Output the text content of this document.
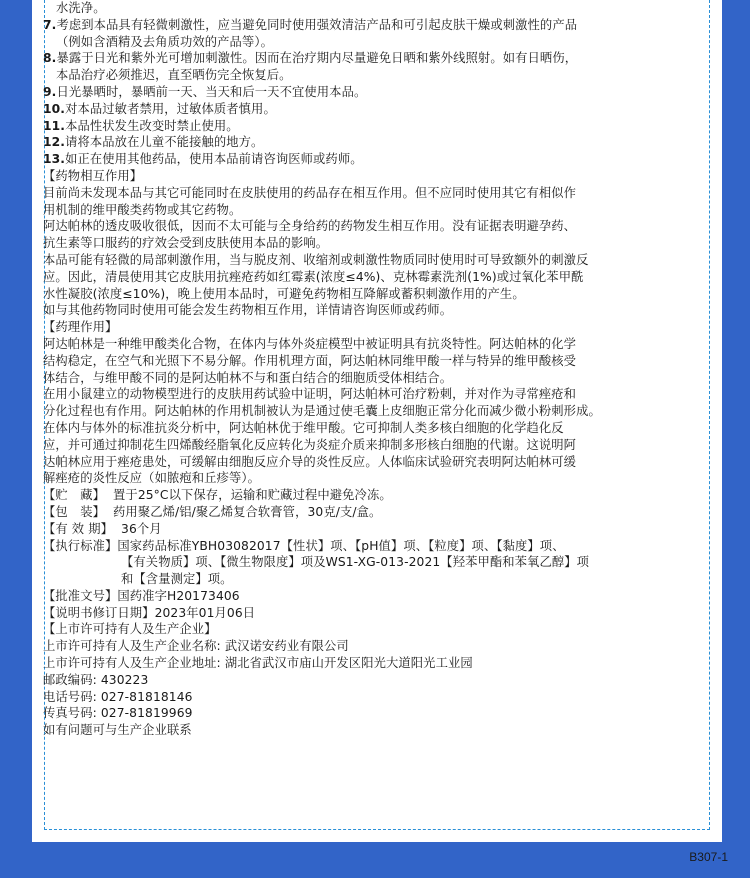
水洗净。
7.考虑到本品具有轻微刺激性，应当避免同时使用强效清洁产品和可引起皮肤干燥或刺激性的产品
（例如含酒精及去角质功效的产品等）。
8.暴露于日光和紫外光可增加刺激性。因而在治疗期内尽量避免日晒和紫外线照射。如有日晒伤，
本品治疗必须推迟，直至晒伤完全恢复后。
9.日光暴晒时，暴晒前一天、当天和后一天不宜使用本品。
10.对本品过敏者禁用，过敏体质者慎用。
11.本品性状发生改变时禁止使用。
12.请将本品放在儿童不能接触的地方。
13.如正在使用其他药品，使用本品前请咨询医师或药师。
【药物相互作用】
目前尚未发现本品与其它可能同时在皮肤使用的药品存在相互作用。但不应同时使用其它有相似作
用机制的维甲酸类药物或其它药物。
阿达帕林的透皮吸收很低，因而不太可能与全身给药的药物发生相互作用。没有证据表明避孕药、
抗生素等口服药的疗效会受到皮肤使用本品的影响。
本品可能有轻微的局部刺激作用，当与脱皮剂、收缩剂或刺激性物质同时使用时可导致额外的刺激反
应。因此，清晨使用其它皮肤用抗痤疮药如红霉素(浓度≤4%)、克林霉素洗剂(1%)或过氧化苯甲酰
水性凝胶(浓度≤10%)，晚上使用本品时，可避免药物相互降解或蓄积刺激作用的产生。
如与其他药物同时使用可能会发生药物相互作用，详情请咨询医师或药师。
【药理作用】
阿达帕林是一种维甲酸类化合物，在体内与体外炎症模型中被证明具有抗炎特性。阿达帕林的化学
结构稳定，在空气和光照下不易分解。作用机理方面，阿达帕林同维甲酸一样与特异的维甲酸核受
体结合，与维甲酸不同的是阿达帕林不与和蛋白结合的细胞质受体相结合。
在用小鼠建立的动物模型进行的皮肤用药试验中证明，阿达帕林可治疗粉刺，并对作为寻常痤疮和
分化过程也有作用。阿达帕林的作用机制被认为是通过使毛囊上皮细胞正常分化而减少微小粉刺形成。
在体内与体外的标准抗炎分析中，阿达帕林优于维甲酸。它可抑制人类多核白细胞的化学趋化反
应，并可通过抑制花生四烯酸经脂氧化反应转化为炎症介质来抑制多形核白细胞的代谢。这说明阿
达帕林应用于痤疮患处，可缓解由细胞反应介导的炎性反应。人体临床试验研究表明阿达帕林可缓
解痤疮的炎性反应（如脓疱和丘疹等）。
【贮　藏】 置于25°C以下保存，运输和贮藏过程中避免冷冻。
【包　装】 药用聚乙烯/铝/聚乙烯复合软膏管，30克/支/盒。
【有 效 期】 36个月
【执行标准】国家药品标准YBH03082017【性状】项、【pH值】项、【粒度】项、【黏度】项、
【有关物质】项、【微生物限度】项及WS1-XG-013-2021【羟苯甲酯和苯氧乙醇】项
和【含量测定】项。
【批准文号】国药准字H20173406
【说明书修订日期】2023年01月06日
【上市许可持有人及生产企业】
上市许可持有人及生产企业名称: 武汉诺安药业有限公司
上市许可持有人及生产企业地址: 湖北省武汉市庙山开发区阳光大道阳光工业园
邮政编码: 430223
电话号码: 027-81818146
传真号码: 027-81819969
如有问题可与生产企业联系
B307-1
